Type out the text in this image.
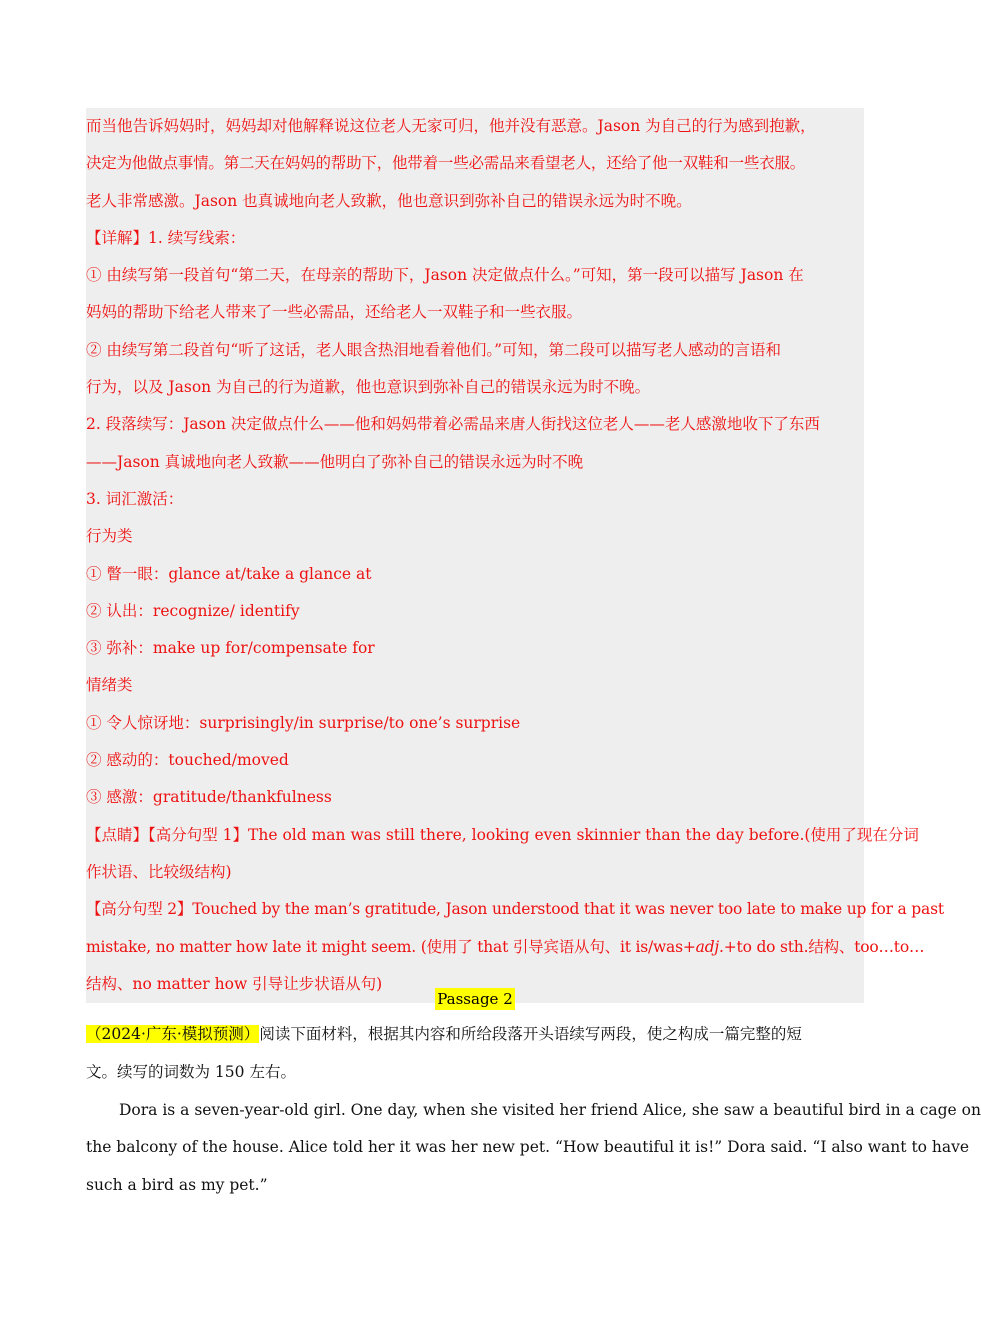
而当他告诉妈妈时，妈妈却对他解释说这位老人无家可归，他并没有恶意。Jason 为自己的行为感到抱歉，

决定为他做点事情。第二天在妈妈的帮助下，他带着一些必需品来看望老人，还给了他一双鞋和一些衣服。

老人非常感激。Jason 也真诚地向老人致歉，他也意识到弥补自己的错误永远为时不晚。

【详解】1. 续写线索：

① 由续写第一段首句“第二天，在母亲的帮助下，Jason 决定做点什么。”可知，第一段可以描写 Jason 在

妈妈的帮助下给老人带来了一些必需品，还给老人一双鞋子和一些衣服。

② 由续写第二段首句“听了这话，老人眼含热泪地看着他们。”可知，第二段可以描写老人感动的言语和

行为，以及 Jason 为自己的行为道歉，他也意识到弥补自己的错误永远为时不晚。

2. 段落续写：Jason 决定做点什么——他和妈妈带着必需品来唐人街找这位老人——老人感激地收下了东西

——Jason 真诚地向老人致歉——他明白了弥补自己的错误永远为时不晚

3. 词汇激活：

行为类

① 瞥一眼：glance at/take a glance at

② 认出：recognize/ identify

③ 弥补：make up for/compensate for

情绪类

① 令人惊讶地：surprisingly/in surprise/to one’s surprise

② 感动的：touched/moved

③ 感激：gratitude/thankfulness

【点睛】【高分句型 1】The old man was still there, looking even skinnier than the day before.(使用了现在分词

作状语、比较级结构)

【高分句型 2】Touched by the man’s gratitude, Jason understood that it was never too late to make up for a past

mistake, no matter how late it might seem. (使用了 that 引导宾语从句、it is/was+adj.+to do sth.结构、too…to…

结构、no matter how 引导让步状语从句)

Passage 2

（2024·广东·模拟预测）阅读下面材料，根据其内容和所给段落开头语续写两段，使之构成一篇完整的短

文。续写的词数为 150 左右。

Dora is a seven-year-old girl. One day, when she visited her friend Alice, she saw a beautiful bird in a cage on

the balcony of the house. Alice told her it was her new pet. “How beautiful it is!” Dora said. “I also want to have

such a bird as my pet.”
